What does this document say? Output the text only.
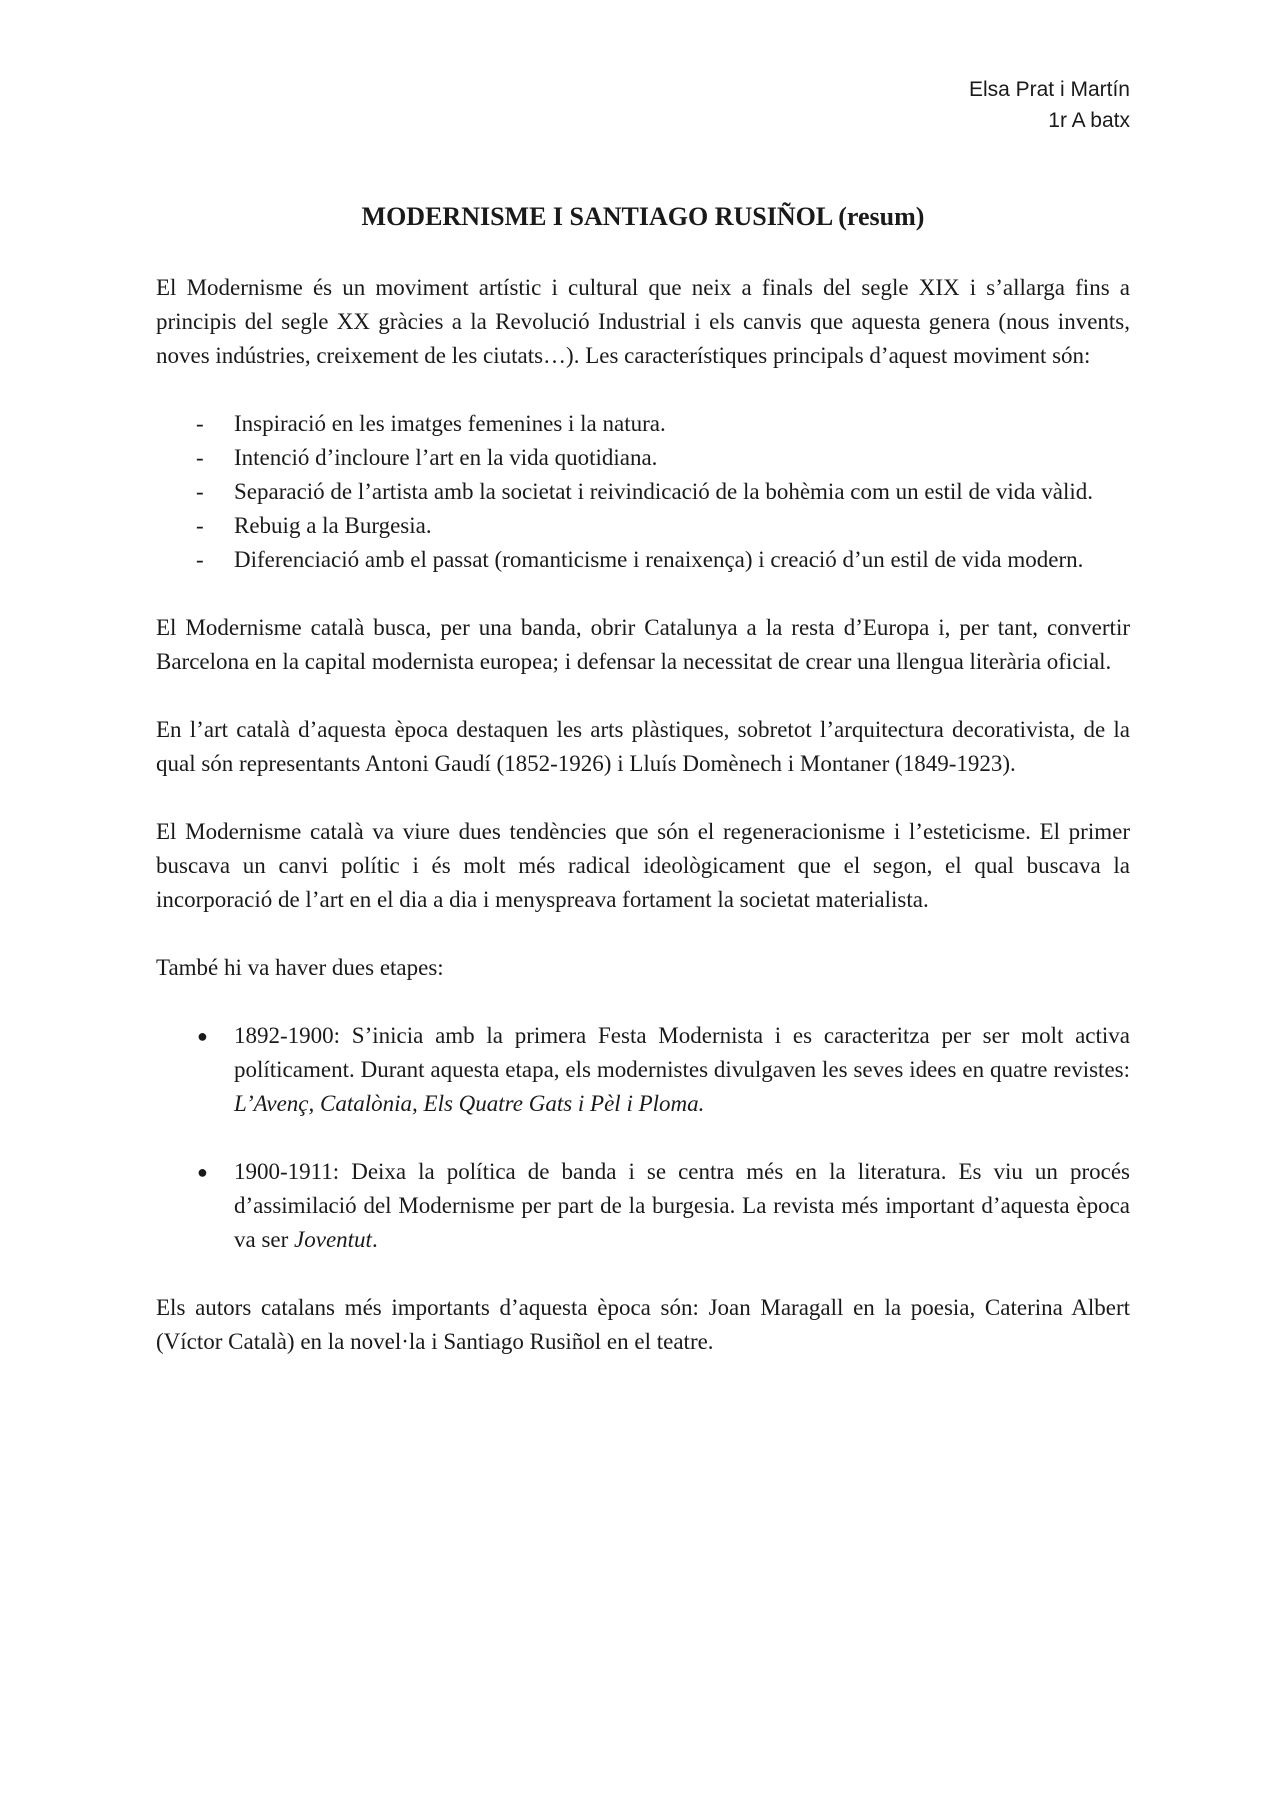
Elsa Prat i Martín
1r A batx
MODERNISME I SANTIAGO RUSIÑOL (resum)

El Modernisme és un moviment artístic i cultural que neix a finals del segle XIX i s’allarga fins a principis del segle XX gràcies a la Revolució Industrial i els canvis que aquesta genera (nous invents, noves indústries, creixement de les ciutats…). Les característiques principals d’aquest moviment són:

- Inspiració en les imatges femenines i la natura.
- Intenció d’incloure l’art en la vida quotidiana.
- Separació de l’artista amb la societat i reivindicació de la bohèmia com un estil de vida vàlid.
- Rebuig a la Burgesia.
- Diferenciació amb el passat (romanticisme i renaixença) i creació d’un estil de vida modern.

El Modernisme català busca, per una banda, obrir Catalunya a la resta d’Europa i, per tant, convertir Barcelona en la capital modernista europea; i defensar la necessitat de crear una llengua literària oficial.

En l’art català d’aquesta època destaquen les arts plàstiques, sobretot l’arquitectura decorativista, de la qual són representants Antoni Gaudí (1852-1926) i Lluís Domènech i Montaner (1849-1923).

El Modernisme català va viure dues tendències que són el regeneracionisme i l’esteticisme. El primer buscava un canvi polític i és molt més radical ideològicament que el segon, el qual buscava la incorporació de l’art en el dia a dia i menyspreava fortament la societat materialista.

També hi va haver dues etapes:

● 1892-1900: S’inicia amb la primera Festa Modernista i es caracteritza per ser molt activa políticament. Durant aquesta etapa, els modernistes divulgaven les seves idees en quatre revistes: L’Avenç, Catalònia, Els Quatre Gats i Pèl i Ploma.
● 1900-1911: Deixa la política de banda i se centra més en la literatura. Es viu un procés d’assimilació del Modernisme per part de la burgesia. La revista més important d’aquesta època va ser Joventut.

Els autors catalans més importants d’aquesta època són: Joan Maragall en la poesia, Caterina Albert (Víctor Català) en la novel·la i Santiago Rusiñol en el teatre.
